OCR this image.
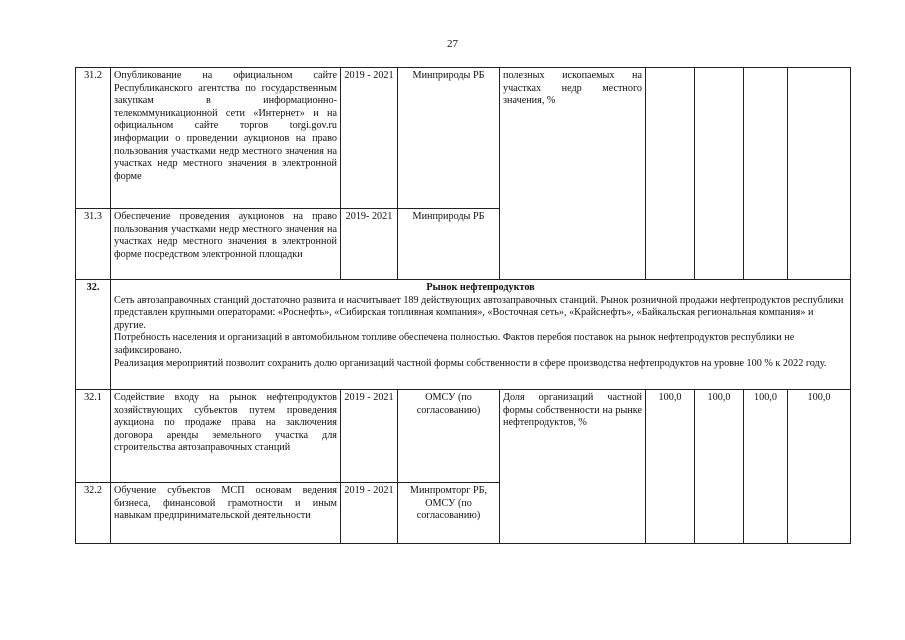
27
31.2	Опубликование на официальном сайте Республиканского агентства по государственным закупкам в информационно-телекоммуникационной сети «Интернет» и на официальном сайте торгов torgi.gov.ru информации о проведении аукционов на право пользования участками недр местного значения на участках недр местного значения в электронной форме	2019 - 2021	Минприроды РБ	полезных ископаемых на участках недр местного значения, %				
31.3	Обеспечение проведения аукционов на право пользования участками недр местного значения на участках недр местного значения в электронной форме посредством электронной площадки	2019- 2021	Минприроды РБ					
32.	Рынок нефтепродуктов
Сеть автозаправочных станций достаточно развита и насчитывает 189 действующих автозаправочных станций. Рынок розничной продажи нефтепродуктов республики представлен крупными операторами: «Роснефть», «Сибирская топливная компания», «Восточная сеть», «Крайснефть», «Байкальская региональная компания» и другие.
Потребность населения и организаций в автомобильном топливе обеспечена полностью. Фактов перебоя поставок на рынок нефтепродуктов республики не зафиксировано.
Реализация мероприятий позволит сохранить долю организаций частной формы собственности в сфере производства нефтепродуктов на уровне 100 % к 2022 году.							

32.1	Содействие входу на рынок нефтепродуктов хозяйствующих субъектов путем проведения аукциона по продаже права на заключения договора аренды земельного участка для строительства автозаправочных станций	2019 - 2021	ОМСУ (по согласованию)	Доля организаций частной формы собственности на рынке нефтепродуктов, %	100,0	100,0	100,0	100,0
32.2	Обучение субъектов МСП основам ведения бизнеса, финансовой грамотности и иным навыкам предпринимательской деятельности	2019 - 2021	Минпромторг РБ, ОМСУ (по согласованию)					
